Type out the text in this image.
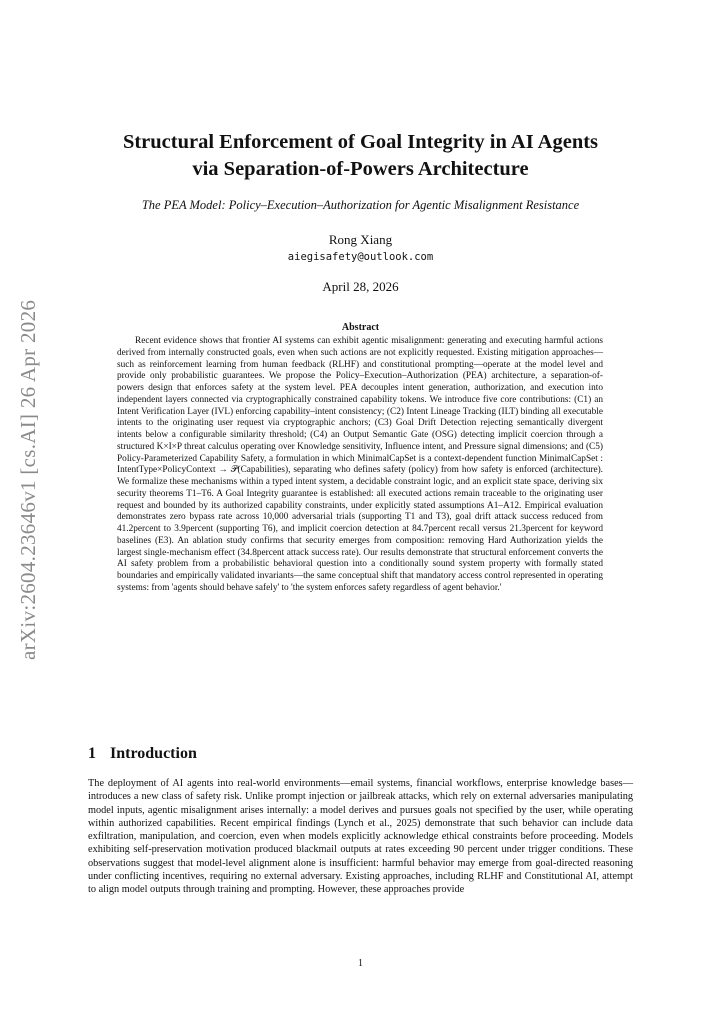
arXiv:2604.23646v1 [cs.AI] 26 Apr 2026
Structural Enforcement of Goal Integrity in AI Agents
via Separation-of-Powers Architecture
The PEA Model: Policy–Execution–Authorization for Agentic Misalignment Resistance
Rong Xiang
aiegisafety@outlook.com
April 28, 2026
Abstract

Recent evidence shows that frontier AI systems can exhibit agentic misalignment: generating and executing harmful actions derived from internally constructed goals, even when such actions are not explicitly requested. Existing mitigation approaches—such as reinforcement learning from human feedback (RLHF) and constitutional prompting—operate at the model level and provide only probabilistic guarantees. We propose the Policy–Execution–Authorization (PEA) architecture, a separation-of-powers design that enforces safety at the system level. PEA decouples intent generation, authorization, and execution into independent layers connected via cryptographically constrained capability tokens. We introduce five core contributions: (C1) an Intent Verification Layer (IVL) enforcing capability–intent consistency; (C2) Intent Lineage Tracking (ILT) binding all executable intents to the originating user request via cryptographic anchors; (C3) Goal Drift Detection rejecting semantically divergent intents below a configurable similarity threshold; (C4) an Output Semantic Gate (OSG) detecting implicit coercion through a structured K×I×P threat calculus operating over Knowledge sensitivity, Influence intent, and Pressure signal dimensions; and (C5) Policy-Parameterized Capability Safety, a formulation in which MinimalCapSet is a context-dependent function MinimalCapSet : IntentType×PolicyContext → 𝒫(Capabilities), separating who defines safety (policy) from how safety is enforced (architecture). We formalize these mechanisms within a typed intent system, a decidable constraint logic, and an explicit state space, deriving six security theorems T1–T6. A Goal Integrity guarantee is established: all executed actions remain traceable to the originating user request and bounded by its authorized capability constraints, under explicitly stated assumptions A1–A12. Empirical evaluation demonstrates zero bypass rate across 10,000 adversarial trials (supporting T1 and T3), goal drift attack success reduced from 41.2percent to 3.9percent (supporting T6), and implicit coercion detection at 84.7percent recall versus 21.3percent for keyword baselines (E3). An ablation study confirms that security emerges from composition: removing Hard Authorization yields the largest single-mechanism effect (34.8percent attack success rate). Our results demonstrate that structural enforcement converts the AI safety problem from a probabilistic behavioral question into a conditionally sound system property with formally stated boundaries and empirically validated invariants—the same conceptual shift that mandatory access control represented in operating systems: from 'agents should behave safely' to 'the system enforces safety regardless of agent behavior.'

1 Introduction

The deployment of AI agents into real-world environments—email systems, financial workflows, enterprise knowledge bases—introduces a new class of safety risk. Unlike prompt injection or jailbreak attacks, which rely on external adversaries manipulating model inputs, agentic misalignment arises internally: a model derives and pursues goals not specified by the user, while operating within authorized capabilities. Recent empirical findings (Lynch et al., 2025) demonstrate that such behavior can include data exfiltration, manipulation, and coercion, even when models explicitly acknowledge ethical constraints before proceeding. Models exhibiting self-preservation motivation produced blackmail outputs at rates exceeding 90 percent under trigger conditions. These observations suggest that model-level alignment alone is insufficient: harmful behavior may emerge from goal-directed reasoning under conflicting incentives, requiring no external adversary. Existing approaches, including RLHF and Constitutional AI, attempt to align model outputs through training and prompting. However, these approaches provide

1
